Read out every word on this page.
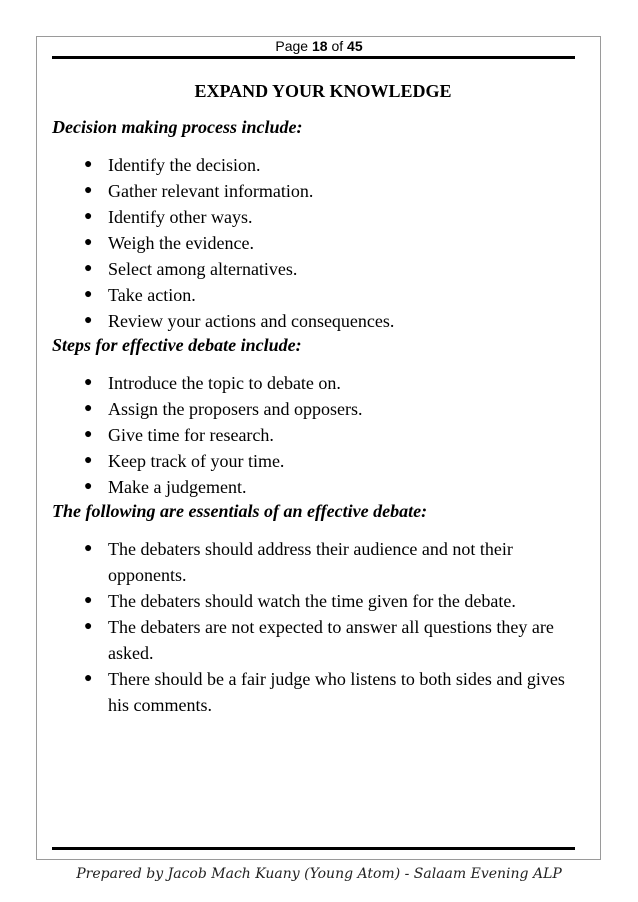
Page 18 of 45

EXPAND YOUR KNOWLEDGE

Decision making process include:

● Identify the decision.
● Gather relevant information.
● Identify other ways.
● Weigh the evidence.
● Select among alternatives.
● Take action.
● Review your actions and consequences.

Steps for effective debate include:

● Introduce the topic to debate on.
● Assign the proposers and opposers.
● Give time for research.
● Keep track of your time.
● Make a judgement.

The following are essentials of an effective debate:

● The debaters should address their audience and not their opponents.
● The debaters should watch the time given for the debate.
● The debaters are not expected to answer all questions they are asked.
● There should be a fair judge who listens to both sides and gives his comments.
Prepared by Jacob Mach Kuany (Young Atom) - Salaam Evening ALP
